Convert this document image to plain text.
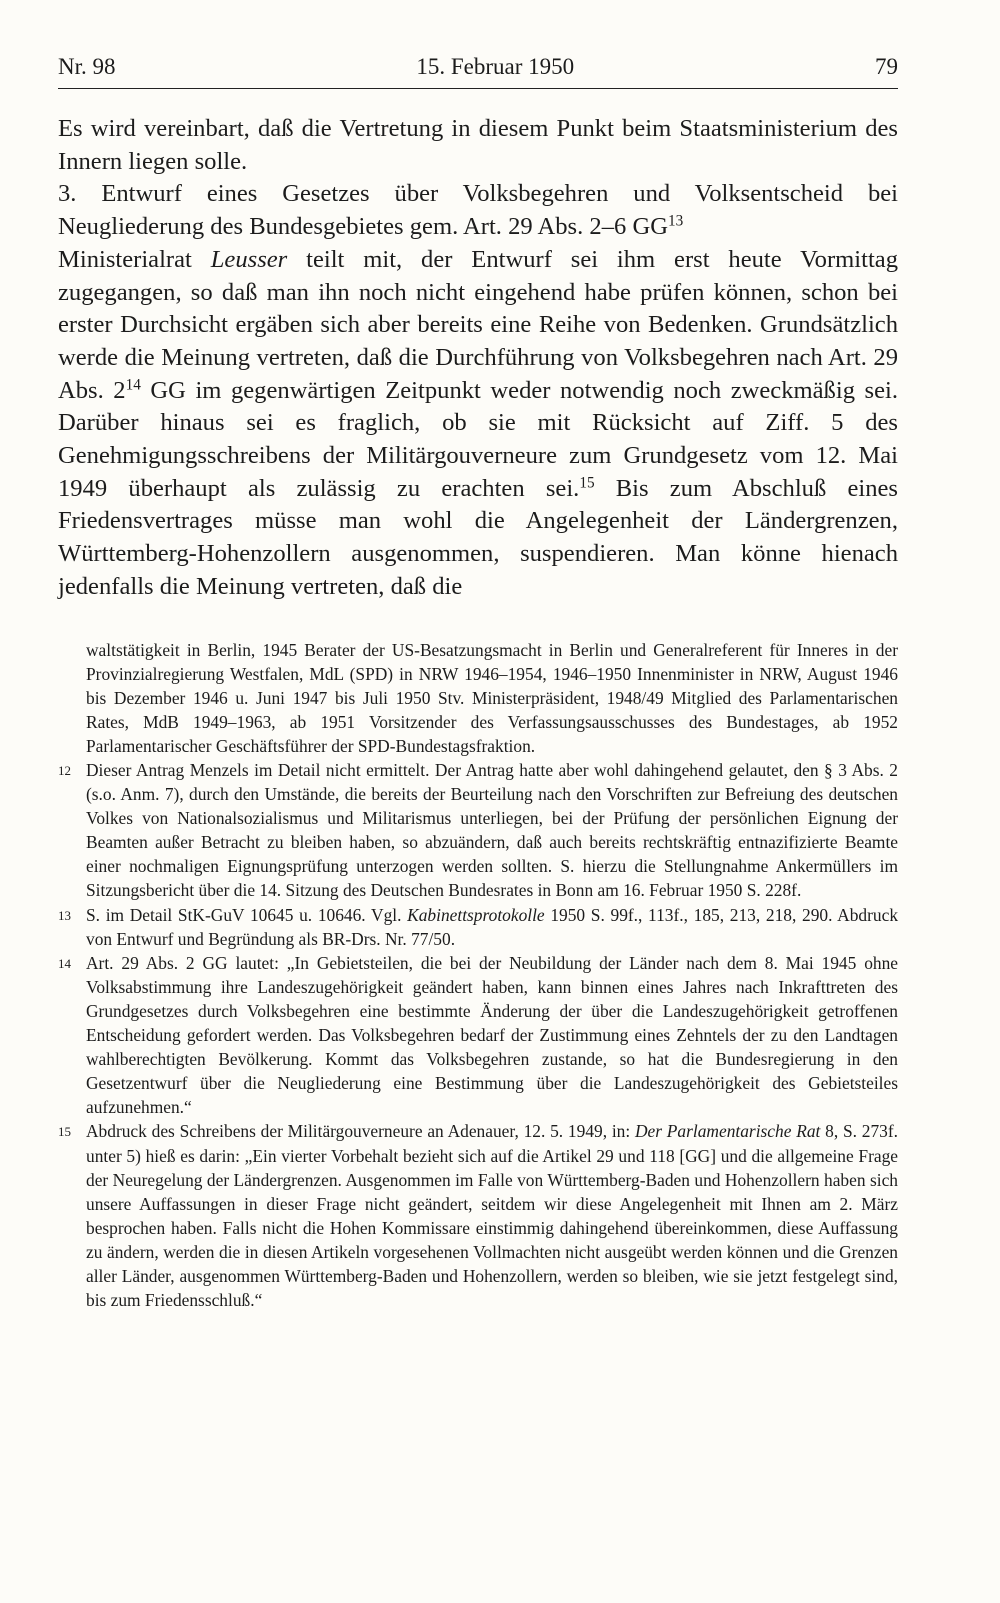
Nr. 98	15. Februar 1950	79

Es wird vereinbart, daß die Vertretung in diesem Punkt beim Staatsministerium des Innern liegen solle.

3. Entwurf eines Gesetzes über Volksbegehren und Volksentscheid bei Neugliederung des Bundesgebietes gem. Art. 29 Abs. 2–6 GG$^{13}$

Ministerialrat Leusser teilt mit, der Entwurf sei ihm erst heute Vormittag zugegangen, so daß man ihn noch nicht eingehend habe prüfen können, schon bei erster Durchsicht ergäben sich aber bereits eine Reihe von Bedenken. Grundsätzlich werde die Meinung vertreten, daß die Durchführung von Volksbegehren nach Art. 29 Abs. $2^{14}$ GG im gegenwärtigen Zeitpunkt weder notwendig noch zweckmäßig sei. Darüber hinaus sei es fraglich, ob sie mit Rücksicht auf Ziff. 5 des Genehmigungsschreibens der Militärgouverneure zum Grundgesetz vom 12. Mai 1949 überhaupt als zulässig zu erachten sei.$^{15}$ Bis zum Abschluß eines Friedensvertrages müsse man wohl die Angelegenheit der Ländergrenzen, Württemberg-Hohenzollern ausgenommen, suspendieren. Man könne hienach jedenfalls die Meinung vertreten, daß die

waltstätigkeit in Berlin, 1945 Berater der US-Besatzungsmacht in Berlin und Generalreferent für Inneres in der Provinzialregierung Westfalen, MdL (SPD) in NRW 1946–1954, 1946–1950 Innenminister in NRW, August 1946 bis Dezember 1946 u. Juni 1947 bis Juli 1950 Stv. Ministerpräsident, 1948/49 Mitglied des Parlamentarischen Rates, MdB 1949–1963, ab 1951 Vorsitzender des Verfassungsausschusses des Bundestages, ab 1952 Parlamentarischer Geschäftsführer der SPD-Bundestagsfraktion.
12 Dieser Antrag Menzels im Detail nicht ermittelt. Der Antrag hatte aber wohl dahingehend gelautet, den § 3 Abs. 2 (s.o. Anm. 7), durch den Umstände, die bereits der Beurteilung nach den Vorschriften zur Befreiung des deutschen Volkes von Nationalsozialismus und Militarismus unterliegen, bei der Prüfung der persönlichen Eignung der Beamten außer Betracht zu bleiben haben, so abzuändern, daß auch bereits rechtskräftig entnazifizierte Beamte einer nochmaligen Eignungsprüfung unterzogen werden sollten. S. hierzu die Stellungnahme Ankermüllers im Sitzungsbericht über die 14. Sitzung des Deutschen Bundesrates in Bonn am 16. Februar 1950 S. 228f.
13 S. im Detail StK-GuV 10645 u. 10646. Vgl. Kabinettsprotokolle 1950 S. 99f., 113f., 185, 213, 218, 290. Abdruck von Entwurf und Begründung als BR-Drs. Nr. 77/50.
14 Art. 29 Abs. 2 GG lautet: „In Gebietsteilen, die bei der Neubildung der Länder nach dem 8. Mai 1945 ohne Volksabstimmung ihre Landeszugehörigkeit geändert haben, kann binnen eines Jahres nach Inkrafttreten des Grundgesetzes durch Volksbegehren eine bestimmte Änderung der über die Landeszugehörigkeit getroffenen Entscheidung gefordert werden. Das Volksbegehren bedarf der Zustimmung eines Zehntels der zu den Landtagen wahlberechtigten Bevölkerung. Kommt das Volksbegehren zustande, so hat die Bundesregierung in den Gesetzentwurf über die Neugliederung eine Bestimmung über die Landeszugehörigkeit des Gebietsteiles aufzunehmen.“
15 Abdruck des Schreibens der Militärgouverneure an Adenauer, 12. 5. 1949, in: Der Parlamentarische Rat 8, S. 273f. unter 5) hieß es darin: „Ein vierter Vorbehalt bezieht sich auf die Artikel 29 und 118 [GG] und die allgemeine Frage der Neuregelung der Ländergrenzen. Ausgenommen im Falle von Württemberg-Baden und Hohenzollern haben sich unsere Auffassungen in dieser Frage nicht geändert, seitdem wir diese Angelegenheit mit Ihnen am 2. März besprochen haben. Falls nicht die Hohen Kommissare einstimmig dahingehend übereinkommen, diese Auffassung zu ändern, werden die in diesen Artikeln vorgesehenen Vollmachten nicht ausgeübt werden können und die Grenzen aller Länder, ausgenommen Württemberg-Baden und Hohenzollern, werden so bleiben, wie sie jetzt festgelegt sind, bis zum Friedensschluß.“
